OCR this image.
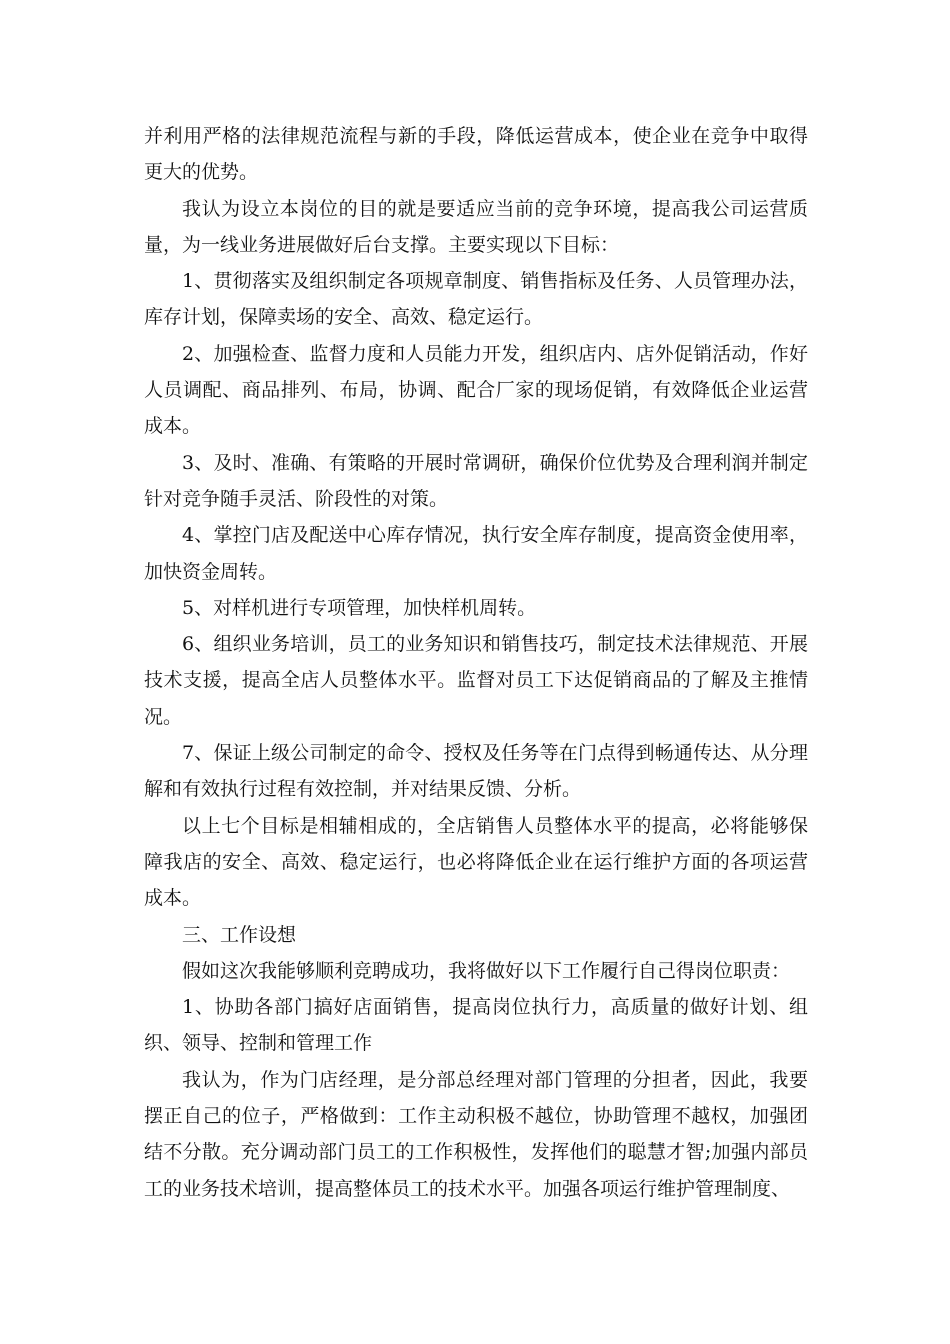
并利用严格的法律规范流程与新的手段，降低运营成本，使企业在竞争中取得更大的优势。

我认为设立本岗位的目的就是要适应当前的竞争环境，提高我公司运营质量，为一线业务进展做好后台支撑。主要实现以下目标：

1、贯彻落实及组织制定各项规章制度、销售指标及任务、人员管理办法，库存计划，保障卖场的安全、高效、稳定运行。

2、加强检查、监督力度和人员能力开发，组织店内、店外促销活动，作好人员调配、商品排列、布局，协调、配合厂家的现场促销，有效降低企业运营成本。

3、及时、准确、有策略的开展时常调研，确保价位优势及合理利润并制定针对竞争随手灵活、阶段性的对策。

4、掌控门店及配送中心库存情况，执行安全库存制度，提高资金使用率，加快资金周转。

5、对样机进行专项管理，加快样机周转。

6、组织业务培训，员工的业务知识和销售技巧，制定技术法律规范、开展技术支援，提高全店人员整体水平。监督对员工下达促销商品的了解及主推情况。

7、保证上级公司制定的命令、授权及任务等在门点得到畅通传达、从分理解和有效执行过程有效控制，并对结果反馈、分析。

以上七个目标是相辅相成的，全店销售人员整体水平的提高，必将能够保障我店的安全、高效、稳定运行，也必将降低企业在运行维护方面的各项运营成本。

三、工作设想

假如这次我能够顺利竞聘成功，我将做好以下工作履行自己得岗位职责：

1、协助各部门搞好店面销售，提高岗位执行力，高质量的做好计划、组织、领导、控制和管理工作

我认为，作为门店经理，是分部总经理对部门管理的分担者，因此，我要摆正自己的位子，严格做到：工作主动积极不越位，协助管理不越权，加强团结不分散。充分调动部门员工的工作积极性，发挥他们的聪慧才智;加强内部员工的业务技术培训，提高整体员工的技术水平。加强各项运行维护管理制度、
